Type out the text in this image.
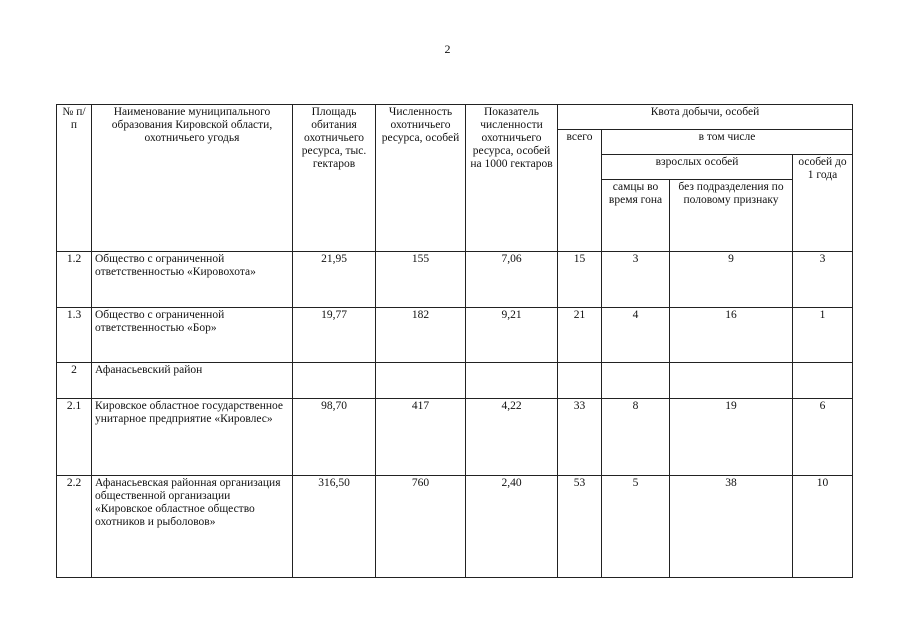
2
№ п/п	Наименование муниципального образования Кировской области, охотничьего угодья	Площадь обитания охотничьего ресурса, тыс. гектаров	Численность охотничьего ресурса, особей	Показатель численности охотничьего ресурса, особей на 1000 гектаров	Квота добычи, особей			
					всего	в том числе		
						взрослых особей		особей до 1 года
						самцы во время гона	без подразделения по половому признаку	
1.2	Общество с ограниченной ответственностью «Кировохота»	21,95	155	7,06	15	3	9	3
1.3	Общество с ограниченной ответственностью «Бор»	19,77	182	9,21	21	4	16	1
2	Афанасьевский район							
2.1	Кировское областное государственное унитарное предприятие «Кировлес»	98,70	417	4,22	33	8	19	6
2.2	Афанасьевская районная организация общественной организации «Кировское областное общество охотников и рыболовов»	316,50	760	2,40	53	5	38	10
